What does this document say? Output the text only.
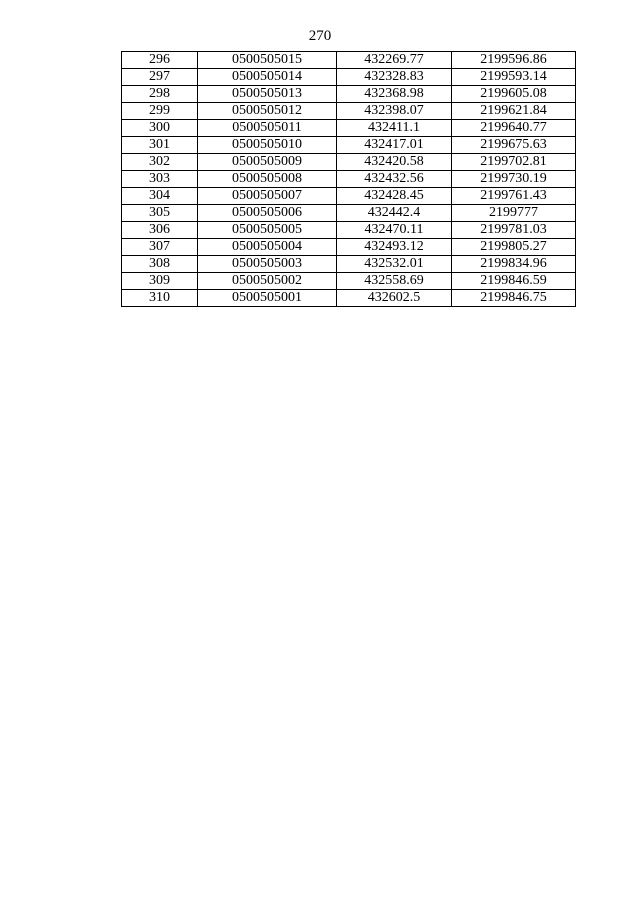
270
296	0500505015	432269.77	2199596.86
297	0500505014	432328.83	2199593.14
298	0500505013	432368.98	2199605.08
299	0500505012	432398.07	2199621.84
300	0500505011	432411.1	2199640.77
301	0500505010	432417.01	2199675.63
302	0500505009	432420.58	2199702.81
303	0500505008	432432.56	2199730.19
304	0500505007	432428.45	2199761.43
305	0500505006	432442.4	2199777
306	0500505005	432470.11	2199781.03
307	0500505004	432493.12	2199805.27
308	0500505003	432532.01	2199834.96
309	0500505002	432558.69	2199846.59
310	0500505001	432602.5	2199846.75
